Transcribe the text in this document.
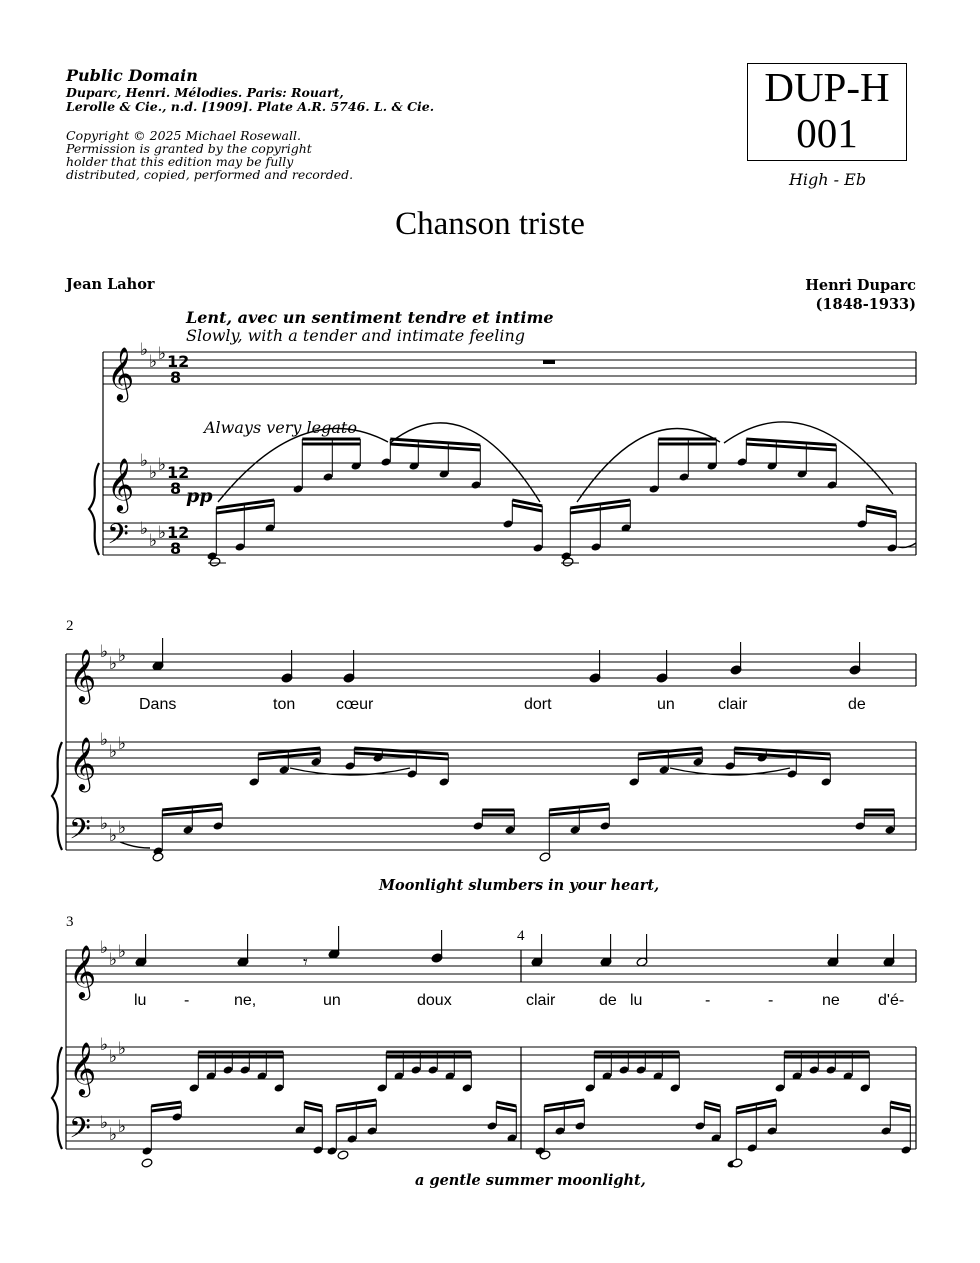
Public Domain
Duparc, Henri. Mélodies. Paris: Rouart,
Lerolle & Cie., n.d. [1909]. Plate A.R. 5746. L. & Cie.
Copyright © 2025 Michael Rosewall.
Permission is granted by the copyright
holder that this edition may be fully
distributed, copied, performed and recorded.
DUP-H
001
High - Eb
Chanson triste
Jean Lahor	Henri Duparc
(1848-1933)
Lent, avec un sentiment tendre et intime
Slowly, with a tender and intimate feeling
Always very legato
pp
𝄞
𝄞
𝄢
♭
♭ ♭
♭
♭ ♭
♭
♭ ♭
12
8
12
8
12
8
𝄞
𝄞
𝄢
♭
♭ ♭
♭
♭ ♭
♭
♭ ♭
𝄞
𝄞
𝄢
♭
♭ ♭
♭
♭ ♭
♭
♭ ♭
𝄾
2
3
4
Dans	ton	cœur	dort	un	clair	de
Moonlight slumbers in your heart,
lu -	ne,	un	doux	clair	de lu	-	-	ne d'é-
a gentle summer moonlight,
